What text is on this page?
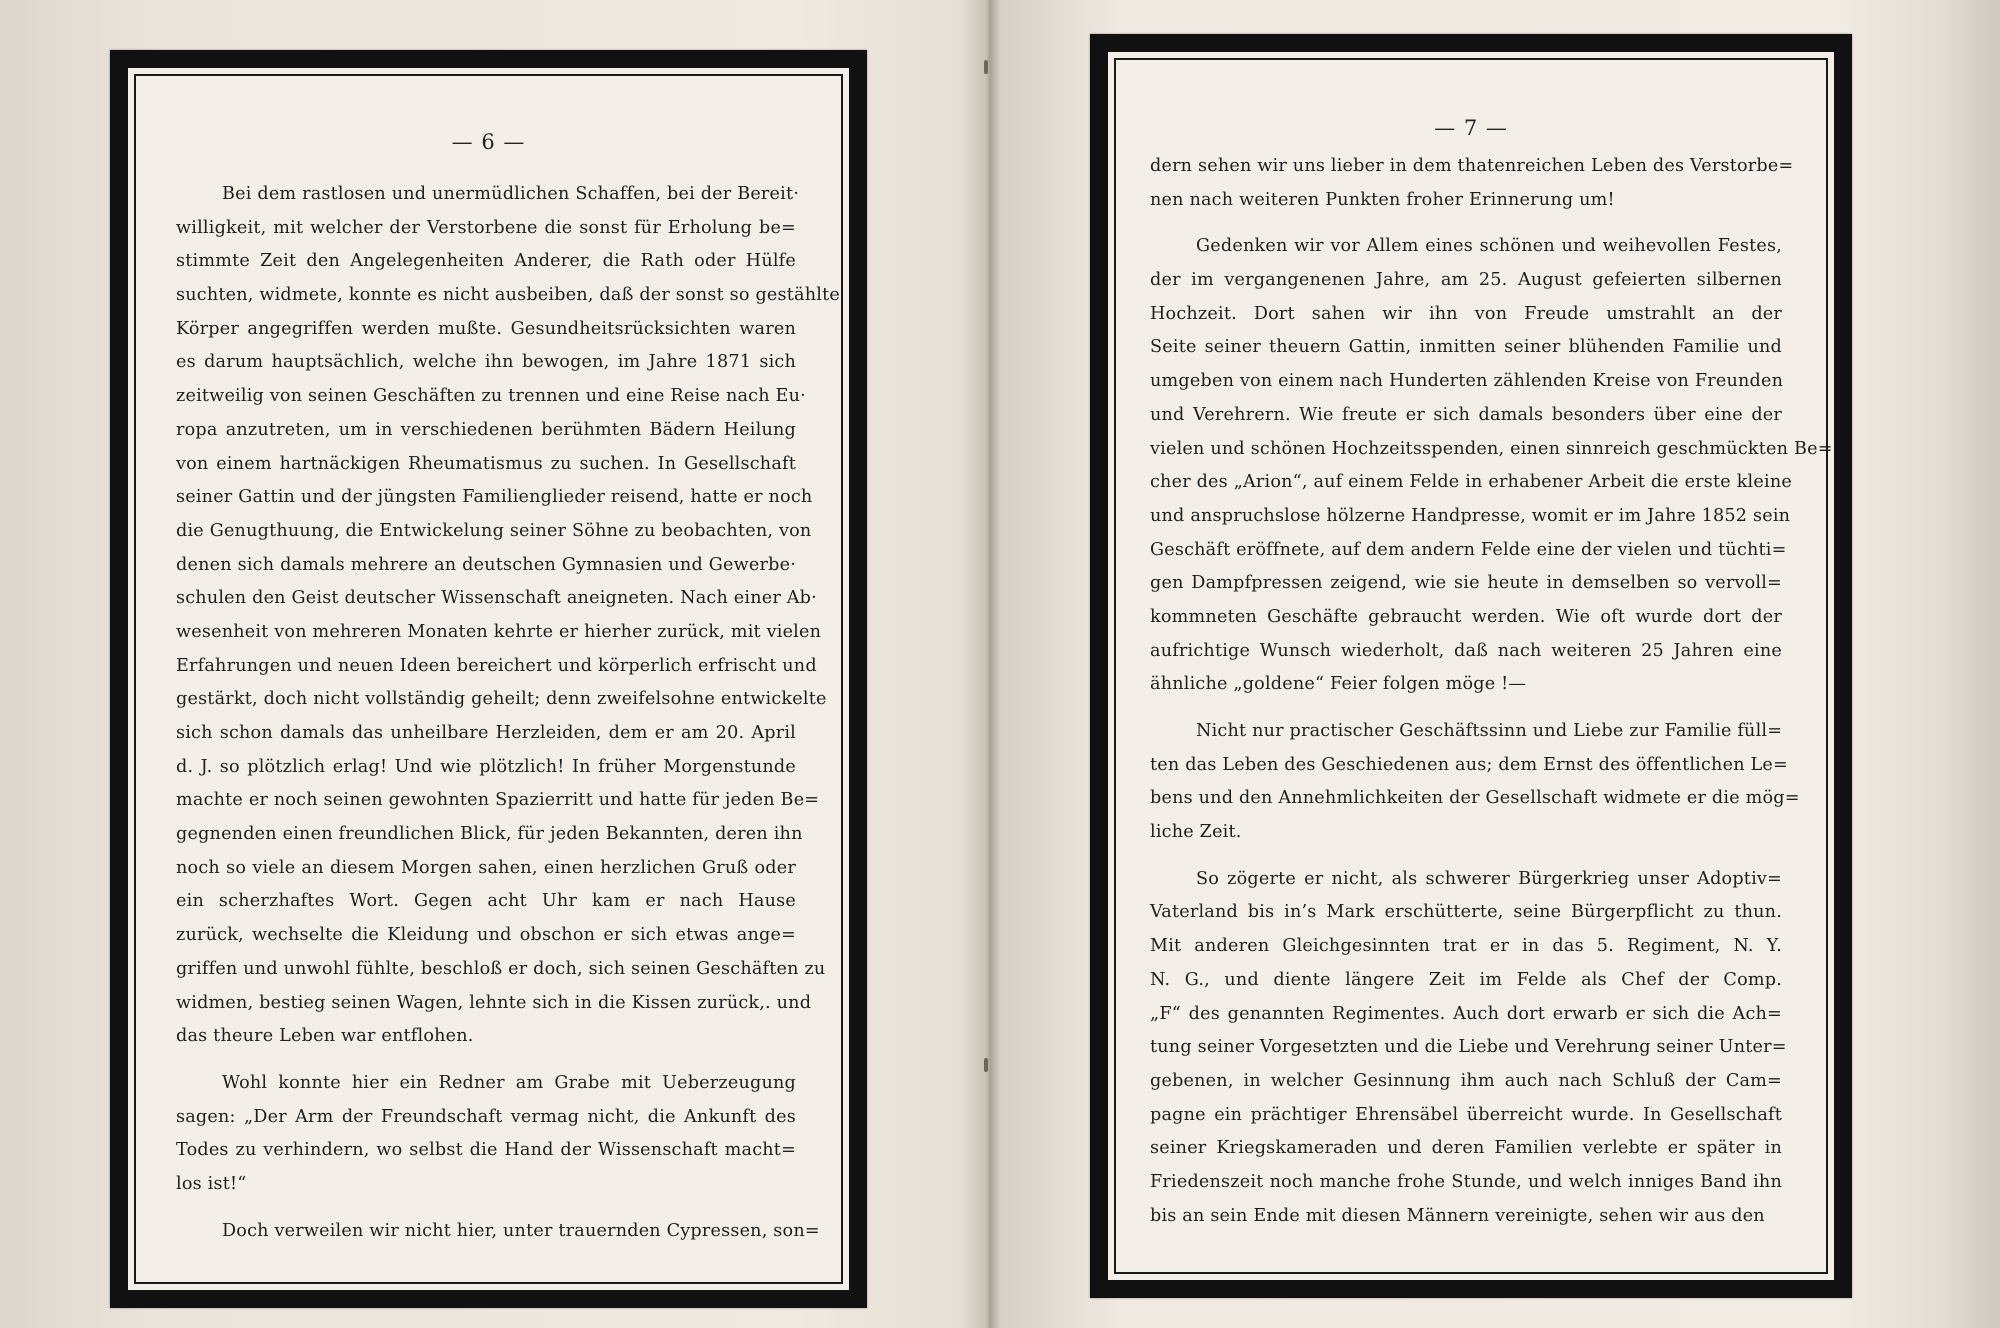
— 6 —
Bei dem rastlosen und unermüdlichen Schaffen, bei der Bereit·
willigkeit, mit welcher der Verstorbene die sonst für Erholung be=
stimmte Zeit den Angelegenheiten Anderer, die Rath oder Hülfe
suchten, widmete, konnte es nicht ausbeiben, daß der sonst so gestählte
Körper angegriffen werden mußte. Gesundheitsrücksichten waren
es darum hauptsächlich, welche ihn bewogen, im Jahre 1871 sich
zeitweilig von seinen Geschäften zu trennen und eine Reise nach Eu·
ropa anzutreten, um in verschiedenen berühmten Bädern Heilung
von einem hartnäckigen Rheumatismus zu suchen. In Gesellschaft
seiner Gattin und der jüngsten Familienglieder reisend, hatte er noch
die Genugthuung, die Entwickelung seiner Söhne zu beobachten, von
denen sich damals mehrere an deutschen Gymnasien und Gewerbe·
schulen den Geist deutscher Wissenschaft aneigneten. Nach einer Ab·
wesenheit von mehreren Monaten kehrte er hierher zurück, mit vielen
Erfahrungen und neuen Ideen bereichert und körperlich erfrischt und
gestärkt, doch nicht vollständig geheilt; denn zweifelsohne entwickelte
sich schon damals das unheilbare Herzleiden, dem er am 20. April
d. J. so plötzlich erlag! Und wie plötzlich! In früher Morgenstunde
machte er noch seinen gewohnten Spazierritt und hatte für jeden Be=
gegnenden einen freundlichen Blick, für jeden Bekannten, deren ihn
noch so viele an diesem Morgen sahen, einen herzlichen Gruß oder
ein scherzhaftes Wort. Gegen acht Uhr kam er nach Hause
zurück, wechselte die Kleidung und obschon er sich etwas ange=
griffen und unwohl fühlte, beschloß er doch, sich seinen Geschäften zu
widmen, bestieg seinen Wagen, lehnte sich in die Kissen zurück,. und
das theure Leben war entflohen.
Wohl konnte hier ein Redner am Grabe mit Ueberzeugung
sagen: „Der Arm der Freundschaft vermag nicht, die Ankunft des
Todes zu verhindern, wo selbst die Hand der Wissenschaft macht=
los ist!“
Doch verweilen wir nicht hier, unter trauernden Cypressen, son=
— 7 —
dern sehen wir uns lieber in dem thatenreichen Leben des Verstorbe=
nen nach weiteren Punkten froher Erinnerung um!
Gedenken wir vor Allem eines schönen und weihevollen Festes,
der im vergangenenen Jahre, am 25. August gefeierten silbernen
Hochzeit. Dort sahen wir ihn von Freude umstrahlt an der
Seite seiner theuern Gattin, inmitten seiner blühenden Familie und
umgeben von einem nach Hunderten zählenden Kreise von Freunden
und Verehrern. Wie freute er sich damals besonders über eine der
vielen und schönen Hochzeitsspenden, einen sinnreich geschmückten Be=
cher des „Arion“, auf einem Felde in erhabener Arbeit die erste kleine
und anspruchslose hölzerne Handpresse, womit er im Jahre 1852 sein
Geschäft eröffnete, auf dem andern Felde eine der vielen und tüchti=
gen Dampfpressen zeigend, wie sie heute in demselben so vervoll=
kommneten Geschäfte gebraucht werden. Wie oft wurde dort der
aufrichtige Wunsch wiederholt, daß nach weiteren 25 Jahren eine
ähnliche „goldene“ Feier folgen möge !—
Nicht nur practischer Geschäftssinn und Liebe zur Familie füll=
ten das Leben des Geschiedenen aus; dem Ernst des öffentlichen Le=
bens und den Annehmlichkeiten der Gesellschaft widmete er die mög=
liche Zeit.
So zögerte er nicht, als schwerer Bürgerkrieg unser Adoptiv=
Vaterland bis in’s Mark erschütterte, seine Bürgerpflicht zu thun.
Mit anderen Gleichgesinnten trat er in das 5. Regiment, N. Y.
N. G., und diente längere Zeit im Felde als Chef der Comp.
„F“ des genannten Regimentes. Auch dort erwarb er sich die Ach=
tung seiner Vorgesetzten und die Liebe und Verehrung seiner Unter=
gebenen, in welcher Gesinnung ihm auch nach Schluß der Cam=
pagne ein prächtiger Ehrensäbel überreicht wurde. In Gesellschaft
seiner Kriegskameraden und deren Familien verlebte er später in
Friedenszeit noch manche frohe Stunde, und welch inniges Band ihn
bis an sein Ende mit diesen Männern vereinigte, sehen wir aus den
